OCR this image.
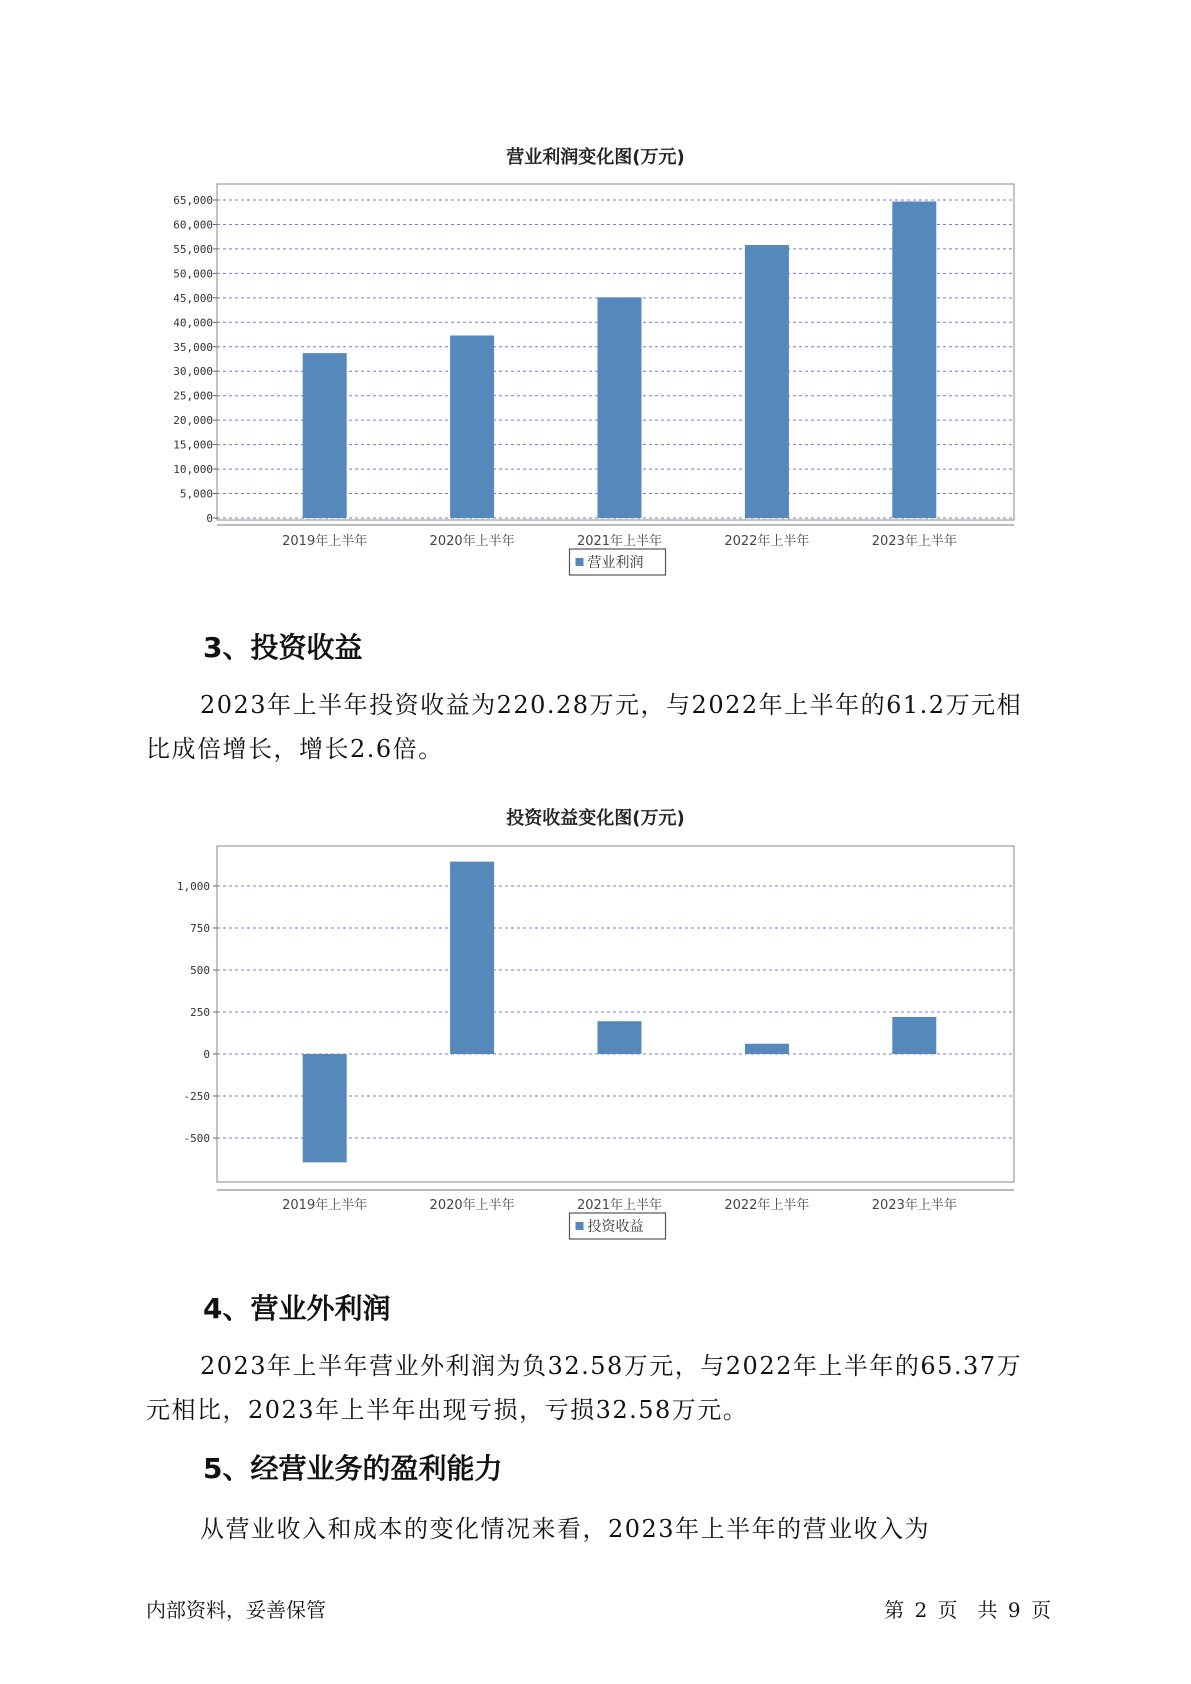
营业利润变化图(万元)
0
5,000
10,000
15,000
20,000
25,000
30,000
35,000
40,000
45,000
50,000
55,000
60,000
65,000
2019年上半年	2020年上半年	2021年上半年	2022年上半年	2023年上半年
营业利润
3、投资收益

2023年上半年投资收益为220.28万元，与2022年上半年的61.2万元相
比成倍增长，增长2.6倍。

投资收益变化图(万元)
-500
-250
0
250
500
750
1,000
2019年上半年	2020年上半年	2021年上半年	2022年上半年	2023年上半年
投资收益
4、营业外利润

2023年上半年营业外利润为负32.58万元，与2022年上半年的65.37万
元相比，2023年上半年出现亏损，亏损32.58万元。

5、经营业务的盈利能力

从营业收入和成本的变化情况来看，2023年上半年的营业收入为

内部资料，妥善保管	第 2 页　共 9 页
